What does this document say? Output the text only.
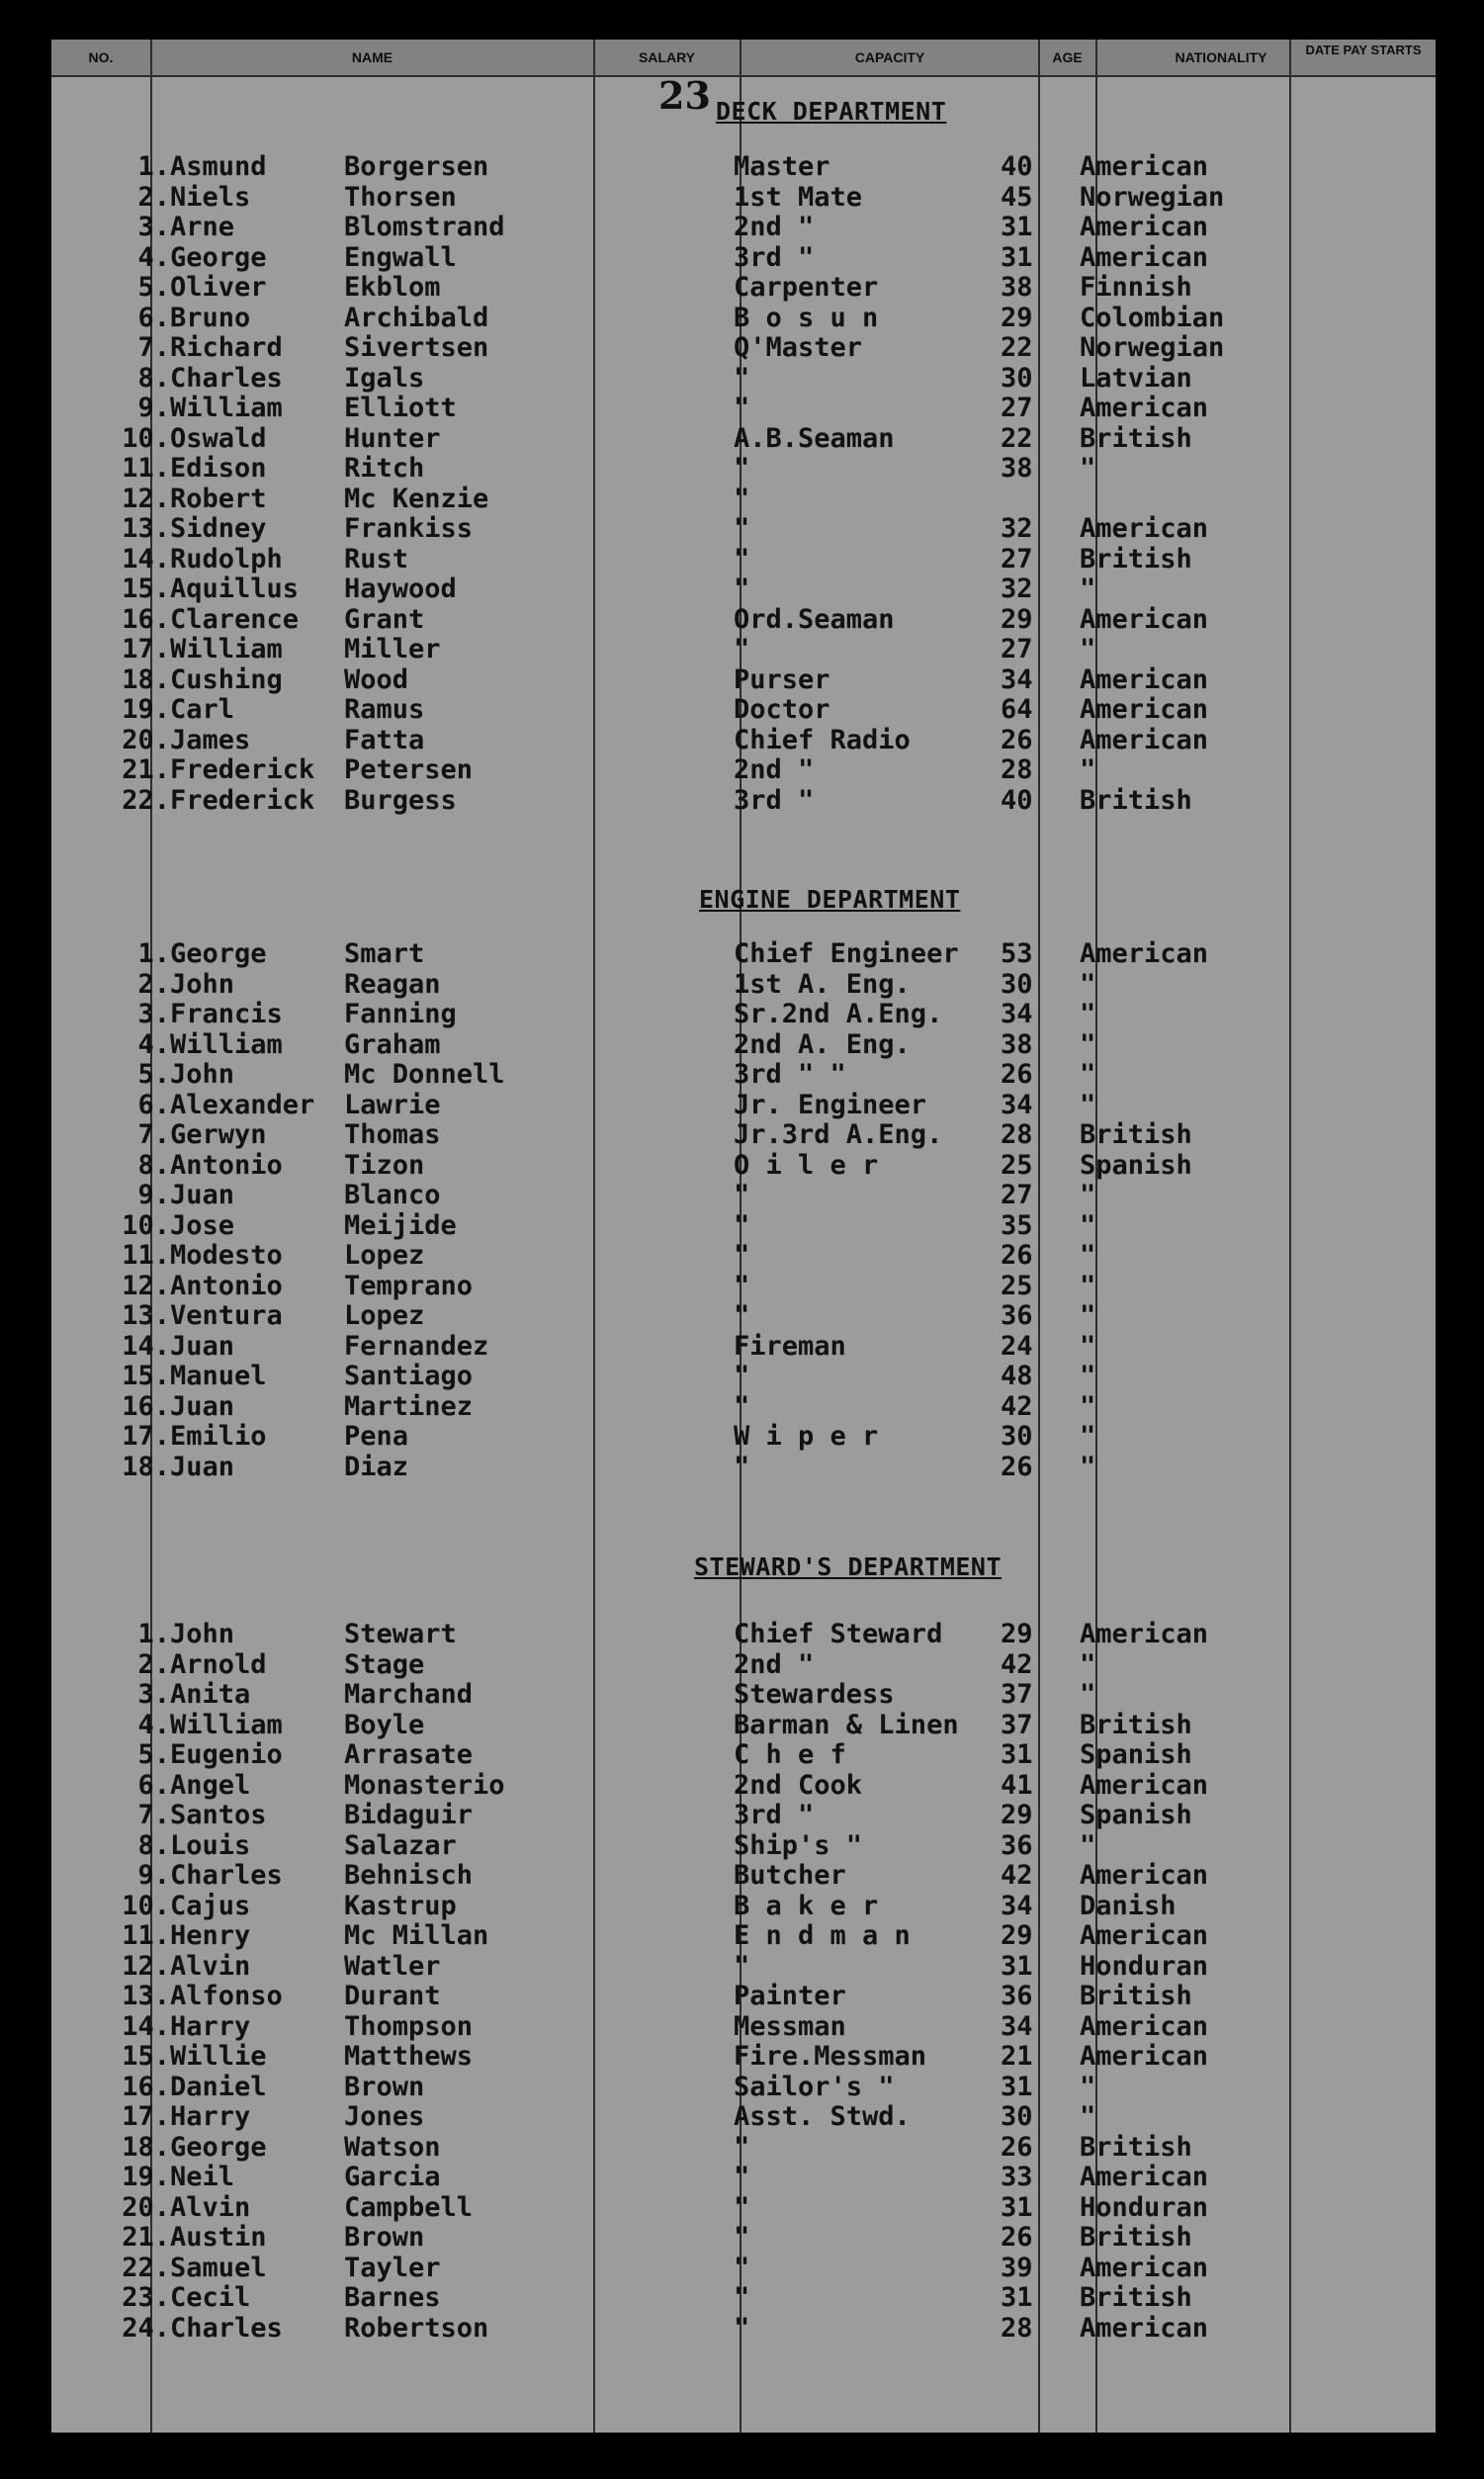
NO.	NAME	SALARY	CAPACITY	AGE	NATIONALITY	DATE PAY STARTS
23 DECK DEPARTMENT
1. Asmund	Borgersen	Master	40 American
2. Niels	Thorsen	1st Mate	45 Norwegian
3. Arne	Blomstrand	2nd "	31 American
4. George	Engwall	3rd "	31 American
5. Oliver	Ekblom	Carpenter	38 Finnish
6. Bruno	Archibald	B o s u n	29 Colombian
7. Richard Sivertsen	Q'Master	22 Norwegian
8. Charles Igals	"	30 Latvian
9. William Elliott	"	27 American
10. Oswald	Hunter	A.B.Seaman	22 British
11. Edison	Ritch	"	38 "
12. Robert	Mc Kenzie	"
13. Sidney	Frankiss	"	32 American
14. Rudolph Rust	"	27 British
15. Aquillus Haywood	"	32 "
16. Clarence Grant	Ord.Seaman	29 American
17. William Miller	"	27 "
18. Cushing Wood	Purser	34 American
19. Carl	Ramus	Doctor	64 American
20. James	Fatta	Chief Radio	26 American
21. Frederick Petersen	2nd "	28 "
22. Frederick Burgess	3rd "	40 British
ENGINE DEPARTMENT
1. George	Smart	Chief Engineer 53 American
2. John	Reagan	1st A. Eng.	30 "
3. Francis Fanning	Sr.2nd A.Eng. 34 "
4. William Graham	2nd A. Eng.	38 "
5. John	Mc Donnell	3rd " "	26 "
6. Alexander Lawrie	Jr. Engineer	34 "
7. Gerwyn	Thomas	Jr.3rd A.Eng. 28 British
8. Antonio Tizon	O i l e r	25 Spanish
9. Juan	Blanco	"	27 "
10. Jose	Meijide	"	35 "
11. Modesto Lopez	"	26 "
12. Antonio Temprano	"	25 "
13. Ventura Lopez	"	36 "
14. Juan	Fernandez	Fireman	24 "
15. Manuel	Santiago	"	48 "
16. Juan	Martinez	"	42 "
17. Emilio	Pena	W i p e r	30 "
18. Juan	Diaz	"	26 "
STEWARD'S DEPARTMENT
1. John	Stewart	Chief Steward 29 American
2. Arnold	Stage	2nd "	42 "
3. Anita	Marchand	Stewardess	37 "
4. William Boyle	Barman & Linen 37 British
5. Eugenio Arrasate	C h e f	31 Spanish
6. Angel	Monasterio	2nd Cook	41 American
7. Santos	Bidaguir	3rd "	29 Spanish
8. Louis	Salazar	Ship's "	36 "
9. Charles Behnisch	Butcher	42 American
10. Cajus	Kastrup	B a k e r	34 Danish
11. Henry	Mc Millan	E n d m a n	29 American
12. Alvin	Watler	"	31 Honduran
13. Alfonso Durant	Painter	36 British
14. Harry	Thompson	Messman	34 American
15. Willie	Matthews	Fire.Messman	21 American
16. Daniel	Brown	Sailor's "	31 "
17. Harry	Jones	Asst. Stwd.	30 "
18. George	Watson	"	26 British
19. Neil	Garcia	"	33 American
20. Alvin	Campbell	"	31 Honduran
21. Austin	Brown	"	26 British
22. Samuel	Tayler	"	39 American
23. Cecil	Barnes	"	31 British
24. Charles Robertson	"	28 American
